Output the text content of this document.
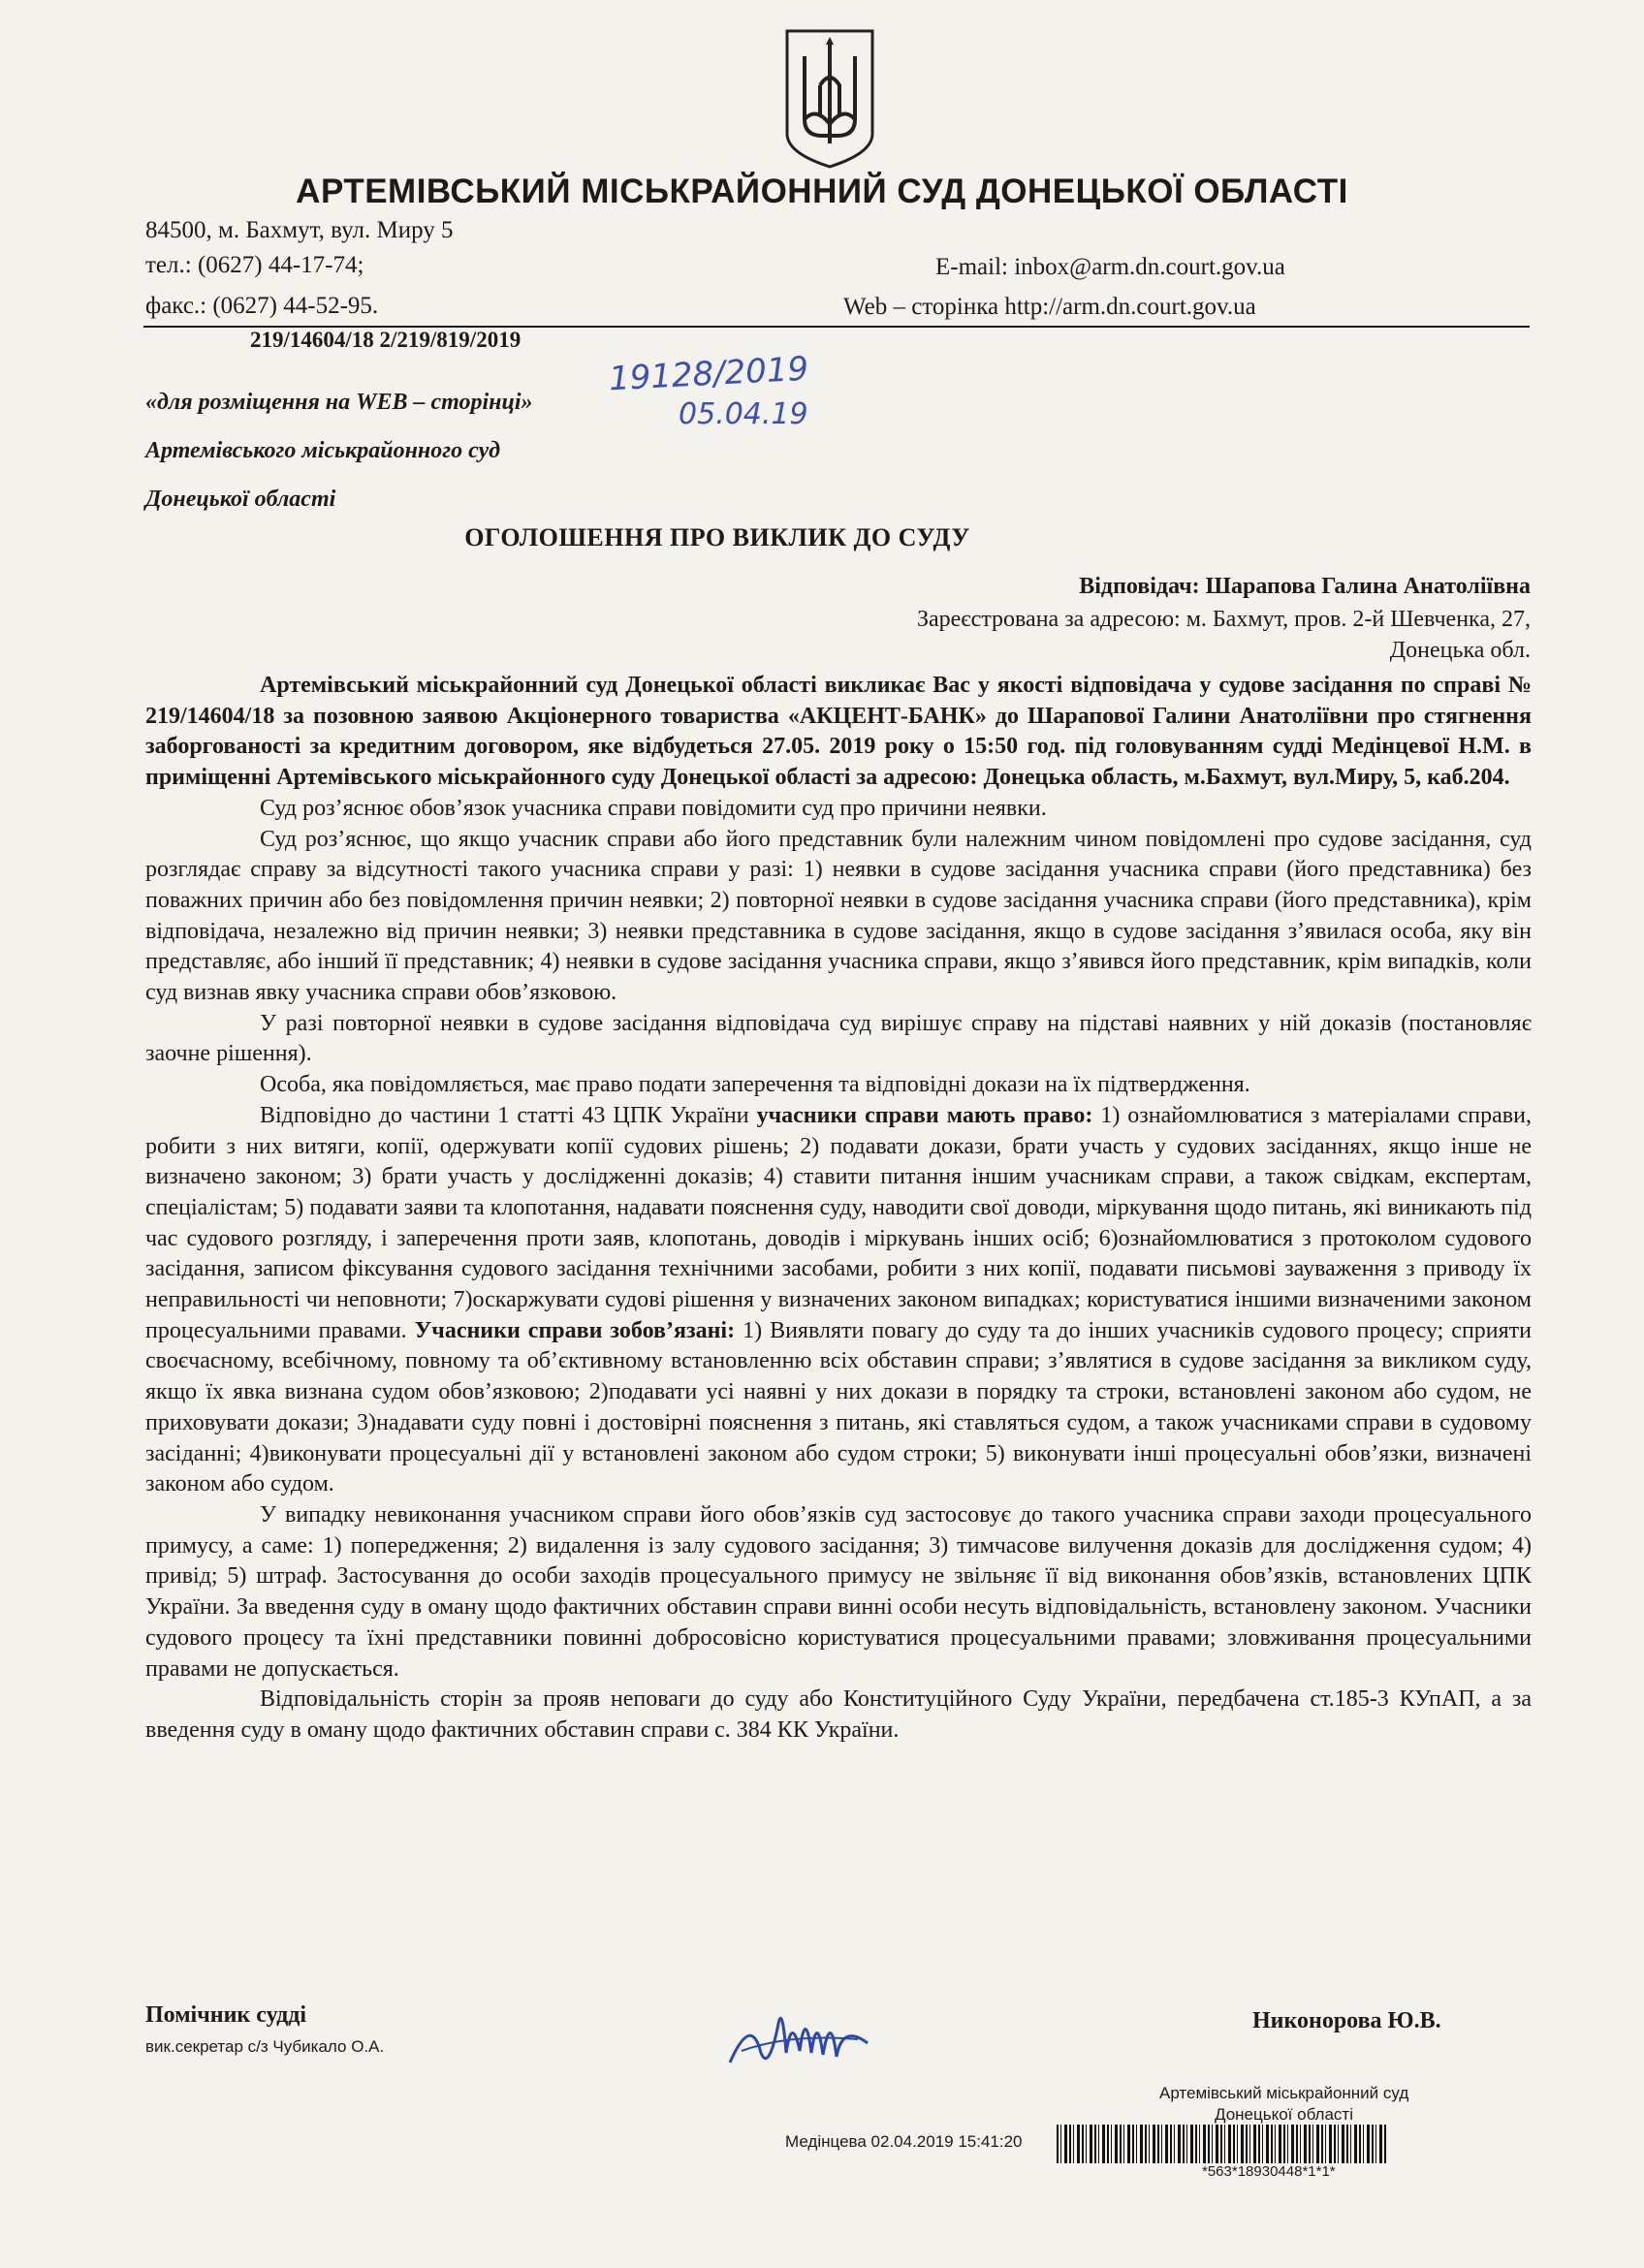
АРТЕМІВСЬКИЙ МІСЬКРАЙОННИЙ СУД ДОНЕЦЬКОЇ ОБЛАСТІ
84500, м. Бахмут, вул. Миру 5
тел.: (0627) 44-17-74;
факс.: (0627) 44-52-95.
E-mail: inbox@arm.dn.court.gov.ua
Web – сторінка http://arm.dn.court.gov.ua
219/14604/18 2/219/819/2019
19128/2019
05.04.19
«для розміщення на WEB – сторінці»
Артемівського міськрайонного суд
Донецької області
ОГОЛОШЕННЯ ПРО ВИКЛИК ДО СУДУ
Відповідач: Шарапова Галина Анатоліївна
Зареєстрована за адресою: м. Бахмут, пров. 2-й Шевченка, 27,
Донецька обл.

Артемівський міськрайонний суд Донецької області викликає Вас у якості відповідача у судове засідання по справі № 219/14604/18 за позовною заявою Акціонерного товариства «АКЦЕНТ-БАНК» до Шарапової Галини Анатоліївни про стягнення заборгованості за кредитним договором, яке відбудеться 27.05. 2019 року о 15:50 год. під головуванням судді Медінцевої Н.М. в приміщенні Артемівського міськрайонного суду Донецької області за адресою: Донецька область, м.Бахмут, вул.Миру, 5, каб.204.

Суд роз’яснює обов’язок учасника справи повідомити суд про причини неявки.

Суд роз’яснює, що якщо учасник справи або його представник були належним чином повідомлені про судове засідання, суд розглядає справу за відсутності такого учасника справи у разі: 1) неявки в судове засідання учасника справи (його представника) без поважних причин або без повідомлення причин неявки; 2) повторної неявки в судове засідання учасника справи (його представника), крім відповідача, незалежно від причин неявки; 3) неявки представника в судове засідання, якщо в судове засідання з’явилася особа, яку він представляє, або інший її представник; 4) неявки в судове засідання учасника справи, якщо з’явився його представник, крім випадків, коли суд визнав явку учасника справи обов’язковою.

У разі повторної неявки в судове засідання відповідача суд вирішує справу на підставі наявних у ній доказів (постановляє заочне рішення).

Особа, яка повідомляється, має право подати заперечення та відповідні докази на їх підтвердження.

Відповідно до частини 1 статті 43 ЦПК України учасники справи мають право: 1) ознайомлюватися з матеріалами справи, робити з них витяги, копії, одержувати копії судових рішень; 2) подавати докази, брати участь у судових засіданнях, якщо інше не визначено законом; 3) брати участь у дослідженні доказів; 4) ставити питання іншим учасникам справи, а також свідкам, експертам, спеціалістам; 5) подавати заяви та клопотання, надавати пояснення суду, наводити свої доводи, міркування щодо питань, які виникають під час судового розгляду, і заперечення проти заяв, клопотань, доводів і міркувань інших осіб; 6)ознайомлюватися з протоколом судового засідання, записом фіксування судового засідання технічними засобами, робити з них копії, подавати письмові зауваження з приводу їх неправильності чи неповноти; 7)оскаржувати судові рішення у визначених законом випадках; користуватися іншими визначеними законом процесуальними правами. Учасники справи зобов’язані: 1) Виявляти повагу до суду та до інших учасників судового процесу; сприяти своєчасному, всебічному, повному та об’єктивному встановленню всіх обставин справи; з’являтися в судове засідання за викликом суду, якщо їх явка визнана судом обов’язковою; 2)подавати усі наявні у них докази в порядку та строки, встановлені законом або судом, не приховувати докази; 3)надавати суду повні і достовірні пояснення з питань, які ставляться судом, а також учасниками справи в судовому засіданні; 4)виконувати процесуальні дії у встановлені законом або судом строки; 5) виконувати інші процесуальні обов’язки, визначені законом або судом.

У випадку невиконання учасником справи його обов’язків суд застосовує до такого учасника справи заходи процесуального примусу, а саме: 1) попередження; 2) видалення із залу судового засідання; 3) тимчасове вилучення доказів для дослідження судом; 4) привід; 5) штраф. Застосування до особи заходів процесуального примусу не звільняє її від виконання обов’язків, встановлених ЦПК України. За введення суду в оману щодо фактичних обставин справи винні особи несуть відповідальність, встановлену законом. Учасники судового процесу та їхні представники повинні добросовісно користуватися процесуальними правами; зловживання процесуальними правами не допускається.

Відповідальність сторін за прояв неповаги до суду або Конституційного Суду України, передбачена ст.185-3 КУпАП, а за введення суду в оману щодо фактичних обставин справи с. 384 КК України.

Помічник судді
вик.секретар с/з Чубикало О.А.
Никонорова Ю.В.
Артемівський міськрайонний суд
Донецької області
Медінцева 02.04.2019 15:41:20
*563*18930448*1*1*
